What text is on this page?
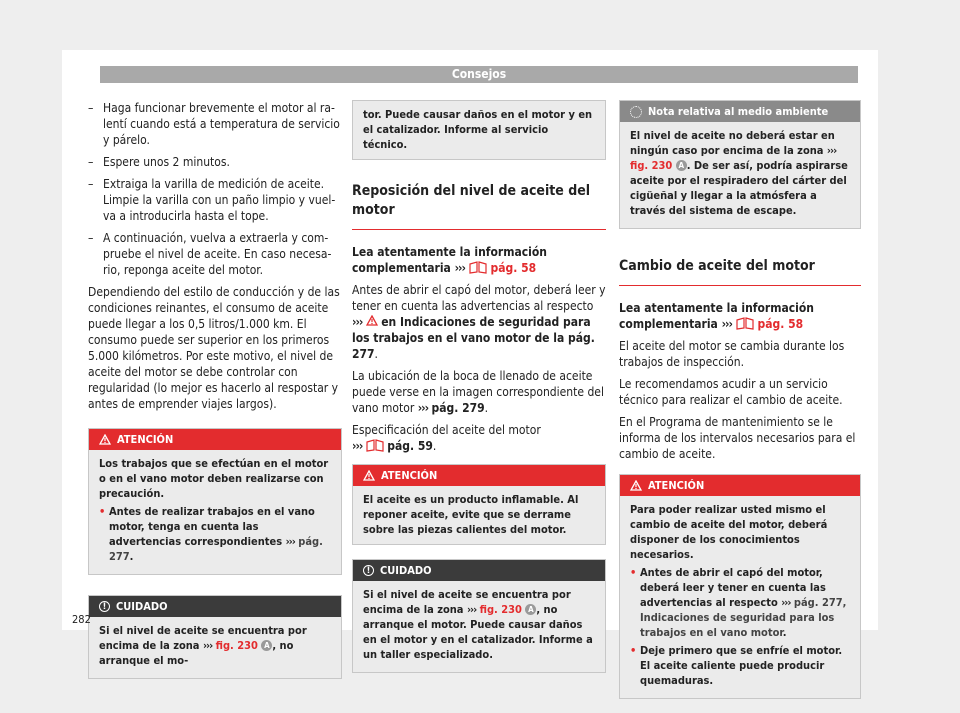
Consejos
– Haga funcionar brevemente el motor al ralentí cuando está a temperatura de servicio y párelo.
– Espere unos 2 minutos.
– Extraiga la varilla de medición de aceite. Limpie la varilla con un paño limpio y vuelva a introducirla hasta el tope.
– A continuación, vuelva a extraerla y compruebe el nivel de aceite. En caso necesario, reponga aceite del motor.

Dependiendo del estilo de conducción y de las condiciones reinantes, el consumo de aceite puede llegar a los 0,5 litros/1.000 km. El consumo puede ser superior en los primeros 5.000 kilómetros. Por este motivo, el nivel de aceite del motor se debe controlar con regularidad (lo mejor es hacerlo al respostar y antes de emprender viajes largos).

ATENCIÓN

Los trabajos que se efectúan en el motor o en el vano motor deben realizarse con precaución.

• Antes de realizar trabajos en el vano motor, tenga en cuenta las advertencias correspondientes ››› pág. 277.

! CUIDADO

Si el nivel de aceite se encuentra por encima de la zona ››› fig. 230 A , no arranque el mo-

tor. Puede causar daños en el motor y en el catalizador. Informe al servicio técnico.
Reposición del nivel de aceite del motor

Lea atentamente la información complementaria ››› pág. 58

Antes de abrir el capó del motor, deberá leer y tener en cuenta las advertencias al respecto ››› en Indicaciones de seguridad para los trabajos en el vano motor de la pág. 277.

La ubicación de la boca de llenado de aceite puede verse en la imagen correspondiente del vano motor ››› pág. 279.

Especificación del aceite del motor
››› pág. 59.

ATENCIÓN
El aceite es un producto inflamable. Al reponer aceite, evite que se derrame sobre las piezas calientes del motor.
! CUIDADO

Si el nivel de aceite se encuentra por encima de la zona ››› fig. 230 A , no arranque el motor. Puede causar daños en el motor y en el catalizador. Informe a un taller especializado.

Nota relativa al medio ambiente

El nivel de aceite no deberá estar en ningún caso por encima de la zona ››› fig. 230 A . De ser así, podría aspirarse aceite por el respiradero del cárter del cigüeñal y llegar a la atmósfera a través del sistema de escape.

Cambio de aceite del motor

Lea atentamente la información complementaria ››› pág. 58

El aceite del motor se cambia durante los trabajos de inspección.

Le recomendamos acudir a un servicio técnico para realizar el cambio de aceite.

En el Programa de mantenimiento se le informa de los intervalos necesarios para el cambio de aceite.

ATENCIÓN

Para poder realizar usted mismo el cambio de aceite del motor, deberá disponer de los conocimientos necesarios.

• Antes de abrir el capó del motor, deberá leer y tener en cuenta las advertencias al respecto ››› pág. 277, Indicaciones de seguridad para los trabajos en el vano motor.

• Deje primero que se enfríe el motor. El aceite caliente puede producir quemaduras.

282
